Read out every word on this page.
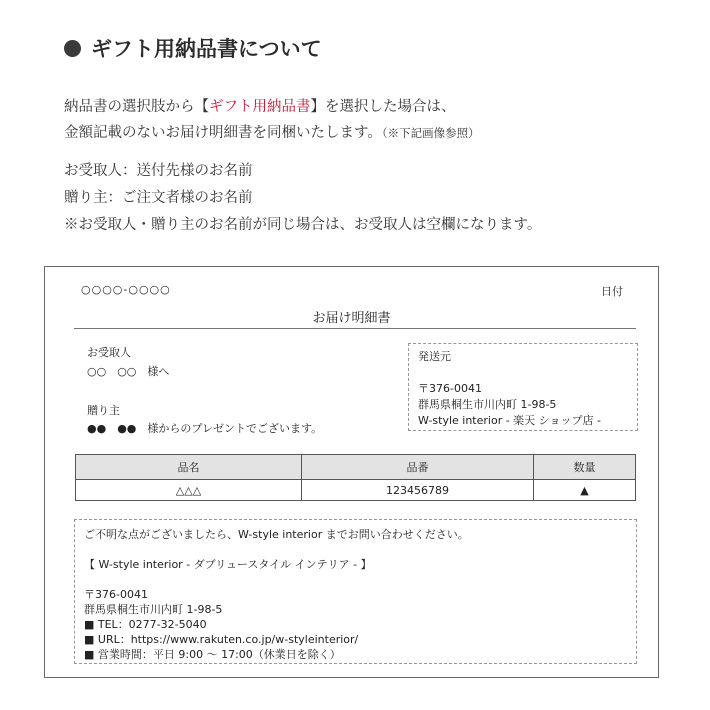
ギフト用納品書について
納品書の選択肢から【ギフト用納品書】を選択した場合は、
金額記載のないお届け明細書を同梱いたします。（※下記画像参照）
お受取人：送付先様のお名前
贈り主：ご注文者様のお名前
※お受取人・贈り主のお名前が同じ場合は、お受取人は空欄になります。
○○○○-○○○○	日付
お届け明細書
お受取人
○○　○○　様へ
贈り主
●●　●●　様からのプレゼントでございます。
発送元
〒376-0041
群馬県桐生市川内町 1-98-5
W-style interior - 楽天 ショップ店 -
品名	品番	数量
△△△	123456789	▲
ご不明な点がございましたら、W-style interior までお問い合わせください。
【 W-style interior - ダブリュースタイル インテリア - 】
〒376-0041
群馬県桐生市川内町 1-98-5
■ TEL：0277-32-5040
■ URL：https://www.rakuten.co.jp/w-styleinterior/
■ 営業時間：平日 9:00 〜 17:00（休業日を除く）
